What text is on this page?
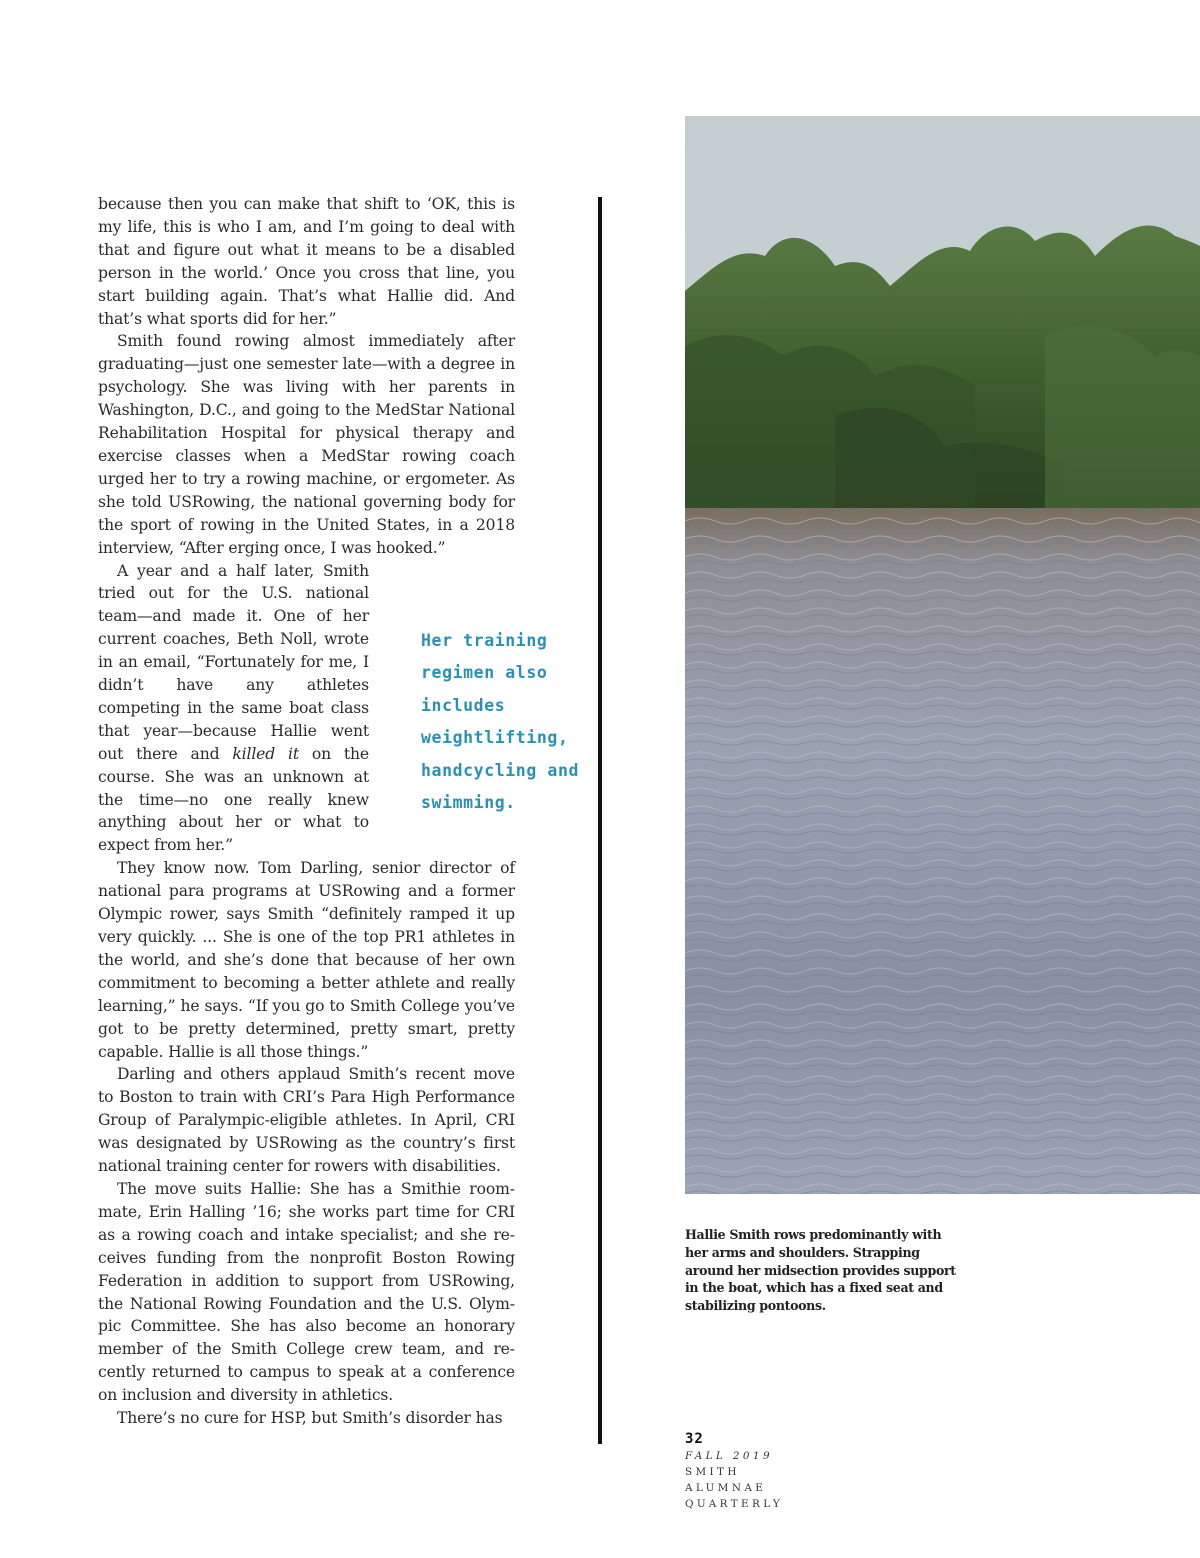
because then you can make that shift to ‘OK, this is my life, this is who I am, and I’m going to deal with that and figure out what it means to be a disabled person in the world.’ Once you cross that line, you start building again. That’s what Hallie did. And that’s what sports did for her.”

Smith found rowing almost immediately after graduating—just one semester late—with a degree in psychology. She was living with her parents in Washington, D.C., and going to the MedStar National Rehabilitation Hospital for physical therapy and exercise classes when a MedStar rowing coach urged her to try a rowing machine, or ergometer. As she told USRowing, the national governing body for the sport of rowing in the United States, in a 2018 interview, “After erging once, I was hooked.”

A year and a half later, Smith tried out for the U.S. national team—and made it. One of her current coaches, Beth Noll, wrote in an email, “Fortunately for me, I didn’t have any athletes competing in the same boat class that year—because Hallie went out there and killed it on the course. She was an unknown at the time—no one really knew anything about her or what to expect from her.”

They know now. Tom Darling, senior director of national para programs at USRowing and a former Olympic rower, says Smith “definitely ramped it up very quickly. ... She is one of the top PR1 athletes in the world, and she’s done that because of her own commitment to becoming a better athlete and really learning,” he says. “If you go to Smith College you’ve got to be pretty determined, pretty smart, pretty capable. Hallie is all those things.”

Darling and others applaud Smith’s recent move to Boston to train with CRI’s Para High Performance Group of Paralympic-eligible athletes. In April, CRI was designated by USRowing as the country’s first national training center for rowers with disabilities.

The move suits Hallie: She has a Smithie roommate, Erin Halling ’16; she works part time for CRI as a rowing coach and intake specialist; and she receives funding from the nonprofit Boston Rowing Federation in addition to support from USRowing, the National Rowing Foundation and the U.S. Olympic Committee. She has also become an honorary member of the Smith College crew team, and recently returned to campus to speak at a conference on inclusion and diversity in athletics.

There’s no cure for HSP, but Smith’s disorder has

Her training regimen also includes weightlifting, handcycling and swimming.

Hallie Smith rows predominantly with her arms and shoulders. Strapping around her midsection provides support in the boat, which has a fixed seat and stabilizing pontoons.

32
FALL 2019
SMITH
ALUMNAE
QUARTERLY
